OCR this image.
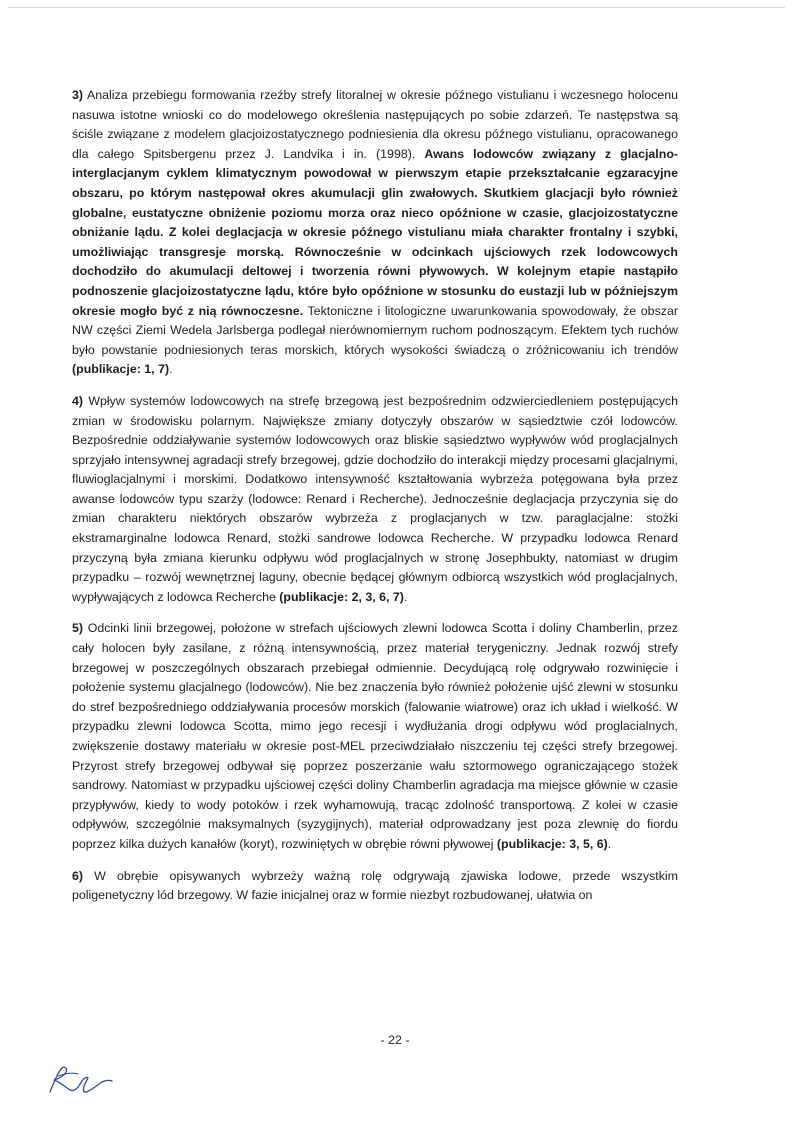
3) Analiza przebiegu formowania rzeźby strefy litoralnej w okresie późnego vistulianu i wczesnego holocenu nasuwa istotne wnioski co do modelowego określenia następujących po sobie zdarzeń. Te następstwa są ściśle związane z modelem glacjoizostatycznego podniesienia dla okresu późnego vistulianu, opracowanego dla całego Spitsbergenu przez J. Landvika i in. (1998). Awans lodowców związany z glacjalno-interglacjanym cyklem klimatycznym powodował w pierwszym etapie przekształcanie egzaracyjne obszaru, po którym następował okres akumulacji glin zwałowych. Skutkiem glacjacji było również globalne, eustatyczne obniżenie poziomu morza oraz nieco opóźnione w czasie, glacjoizostatyczne obniżanie lądu. Z kolei deglacjacja w okresie późnego vistulianu miała charakter frontalny i szybki, umożliwiając transgresje morską. Równocześnie w odcinkach ujściowych rzek lodowcowych dochodziło do akumulacji deltowej i tworzenia równi pływowych. W kolejnym etapie nastąpiło podnoszenie glacjoizostatyczne lądu, które było opóźnione w stosunku do eustazji lub w późniejszym okresie mogło być z nią równoczesne. Tektoniczne i litologiczne uwarunkowania spowodowały, że obszar NW części Ziemi Wedela Jarlsberga podlegał nierównomiernym ruchom podnoszącym. Efektem tych ruchów było powstanie podniesionych teras morskich, których wysokości świadczą o zróżnicowaniu ich trendów (publikacje: 1, 7).

4) Wpływ systemów lodowcowych na strefę brzegową jest bezpośrednim odzwierciedleniem postępujących zmian w środowisku polarnym. Największe zmiany dotyczyły obszarów w sąsiedztwie czół lodowców. Bezpośrednie oddziaływanie systemów lodowcowych oraz bliskie sąsiedztwo wypływów wód proglacjalnych sprzyjało intensywnej agradacji strefy brzegowej, gdzie dochodziło do interakcji między procesami glacjalnymi, fluwioglacjalnymi i morskimi. Dodatkowo intensywność kształtowania wybrzeża potęgowana była przez awanse lodowców typu szarży (lodowce: Renard i Recherche). Jednocześnie deglacjacja przyczynia się do zmian charakteru niektórych obszarów wybrzeża z proglacjanych w tzw. paraglacjalne: stożki ekstramarginalne lodowca Renard, stożki sandrowe lodowca Recherche. W przypadku lodowca Renard przyczyną była zmiana kierunku odpływu wód proglacjalnych w stronę Josephbukty, natomiast w drugim przypadku – rozwój wewnętrznej laguny, obecnie będącej głównym odbiorcą wszystkich wód proglacjalnych, wypływających z lodowca Recherche (publikacje: 2, 3, 6, 7).

5) Odcinki linii brzegowej, położone w strefach ujściowych zlewni lodowca Scotta i doliny Chamberlin, przez cały holocen były zasilane, z różną intensywnością, przez materiał terygeniczny. Jednak rozwój strefy brzegowej w poszczególnych obszarach przebiegał odmiennie. Decydującą rolę odgrywało rozwinięcie i położenie systemu glacjalnego (lodowców). Nie bez znaczenia było również położenie ujść zlewni w stosunku do stref bezpośredniego oddziaływania procesów morskich (falowanie wiatrowe) oraz ich układ i wielkość. W przypadku zlewni lodowca Scotta, mimo jego recesji i wydłużania drogi odpływu wód proglacialnych, zwiększenie dostawy materiału w okresie post-MEL przeciwdziałało niszczeniu tej części strefy brzegowej. Przyrost strefy brzegowej odbywał się poprzez poszerzanie wału sztormowego ograniczającego stożek sandrowy. Natomiast w przypadku ujściowej części doliny Chamberlin agradacja ma miejsce głównie w czasie przypływów, kiedy to wody potoków i rzek wyhamowują, tracąc zdolność transportową. Z kolei w czasie odpływów, szczególnie maksymalnych (syzygijnych), materiał odprowadzany jest poza zlewnię do fiordu poprzez kilka dużych kanałów (koryt), rozwiniętych w obrębie równi pływowej (publikacje: 3, 5, 6).

6) W obrębie opisywanych wybrzeży ważną rolę odgrywają zjawiska lodowe, przede wszystkim poligenetyczny lód brzegowy. W fazie inicjalnej oraz w formie niezbyt rozbudowanej, ułatwia on

- 22 -
